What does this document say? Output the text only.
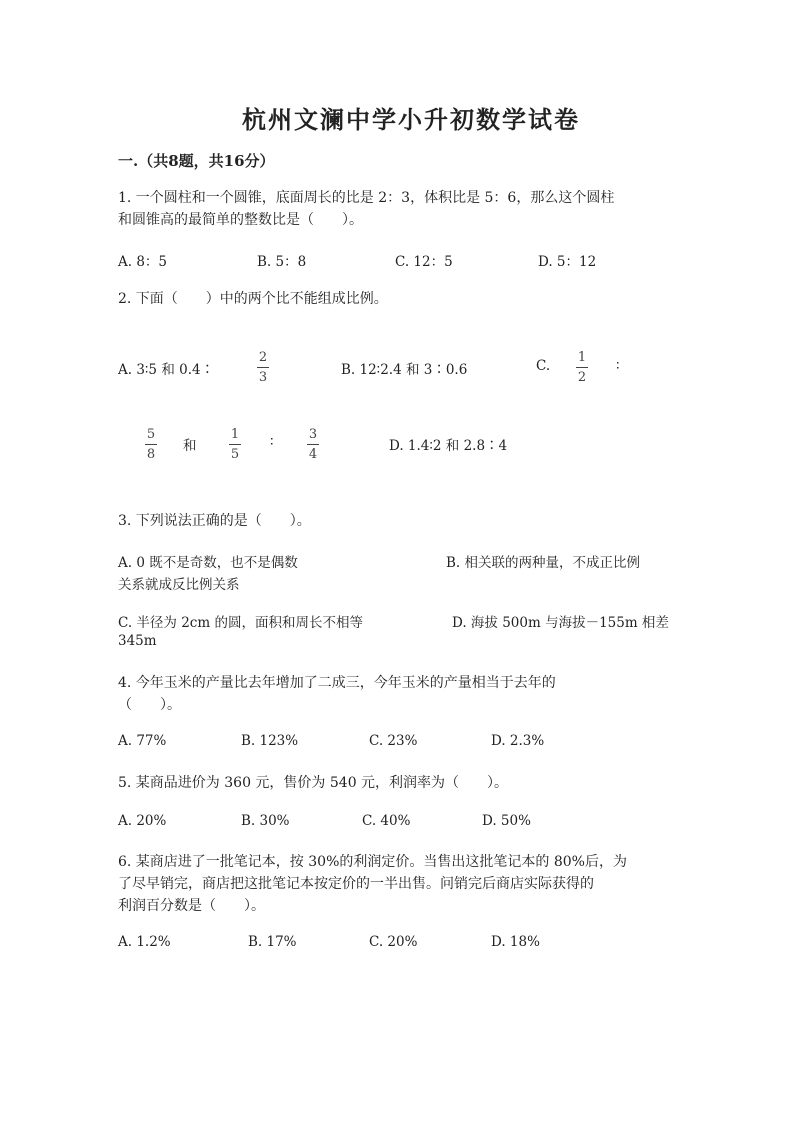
杭州文澜中学小升初数学试卷
一.（共8题，共16分）
1. 一个圆柱和一个圆锥，底面周长的比是 2：3，体积比是 5：6，那么这个圆柱
和圆锥高的最简单的整数比是（　　）。
A. 8：5	B. 5：8	C. 12：5	D. 5：12
2. 下面（　　）中的两个比不能组成比例。
A. 3∶5 和 0.4∶
2
3	B. 12∶2.4 和 3∶0.6	C.
1
2
∶
5
8
和
1
5
∶	3
4
D. 1.4∶2 和 2.8∶4
3. 下列说法正确的是（　　）。
A. 0 既不是奇数，也不是偶数	B. 相关联的两种量，不成正比例
关系就成反比例关系
C. 半径为 2cm 的圆，面积和周长不相等	D. 海拔 500m 与海拔－155m 相差
345m
4. 今年玉米的产量比去年增加了二成三，今年玉米的产量相当于去年的
（　　）。
A. 77%	B. 123%	C. 23%	D. 2.3%
5. 某商品进价为 360 元，售价为 540 元，利润率为（　　）。
A. 20%	B. 30%	C. 40%	D. 50%
6. 某商店进了一批笔记本，按 30%的利润定价。当售出这批笔记本的 80%后，为
了尽早销完，商店把这批笔记本按定价的一半出售。问销完后商店实际获得的
利润百分数是（　　）。
A. 1.2%	B. 17%	C. 20%	D. 18%
